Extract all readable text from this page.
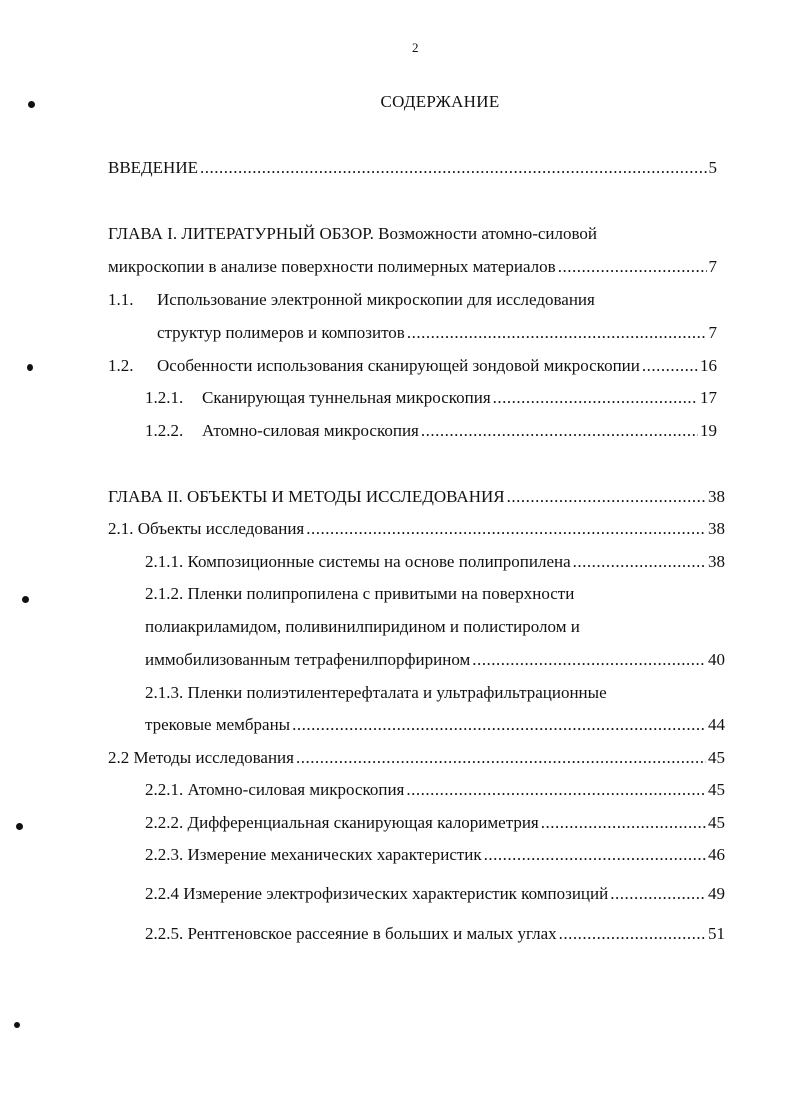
2
СОДЕРЖАНИЕ
ВВЕДЕНИЕ .....	5
ГЛАВА I. ЛИТЕРАТУРНЫЙ ОБЗОР. Возможности атомно-силовой
микроскопии в анализе поверхности полимерных материалов .....	7
1.1. Использование электронной микроскопии для исследования
структур полимеров и композитов .....	7
1.2.	Особенности использования сканирующей зондовой микроскопии .....	16
1.2.1.	Сканирующая туннельная микроскопия .....	17
1.2.2.	Атомно-силовая микроскопия .....	19
ГЛАВА II. ОБЪЕКТЫ И МЕТОДЫ ИССЛЕДОВАНИЯ .....	38
2.1. Объекты исследования .....	38
2.1.1. Композиционные системы на основе полипропилена .....	38
2.1.2. Пленки полипропилена с привитыми на поверхности
полиакриламидом, поливинилпиридином и полистиролом и
иммобилизованным тетрафенилпорфирином .....	40
2.1.3. Пленки полиэтилентерефталата и ультрафильтрационные
трековые мембраны .....	44
2.2 Методы исследования .....	45
2.2.1. Атомно-силовая микроскопия .....	45
2.2.2. Дифференциальная сканирующая калориметрия .....	45
2.2.3. Измерение механических характеристик .....	46
2.2.4 Измерение электрофизических характеристик композиций .....	49
2.2.5. Рентгеновское рассеяние в больших и малых углах .....	51
